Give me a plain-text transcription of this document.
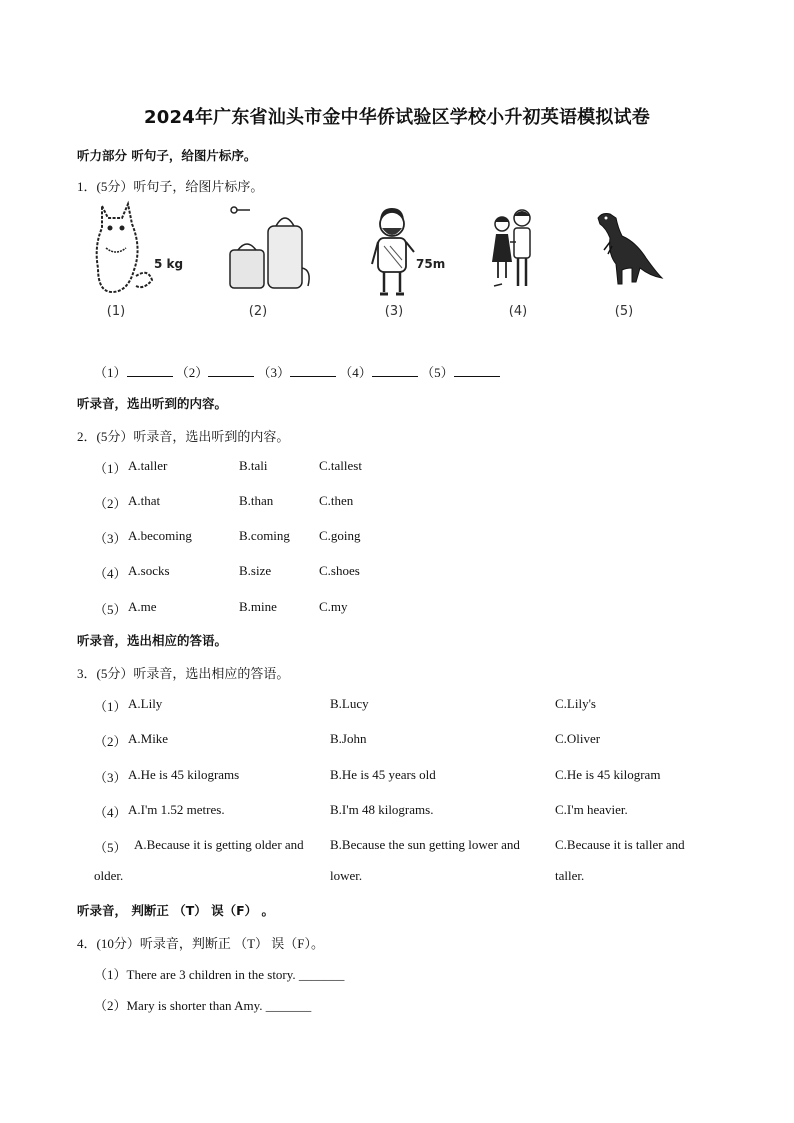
2024年广东省汕头市金中华侨试验区学校小升初英语模拟试卷
听力部分 听句子，给图片标序。
1．(5分）听句子，给图片标序。
5 kg
(1)	(2)
75m
(3)	(4)	(5)
（1）	（2）	（3）	（4）	（5）
听录音，选出听到的内容。
2．(5分）听录音，选出听到的内容。
（1） A.taller	B.tali	C.tallest
（2） A.that	B.than	C.then
（3） A.becoming	B.coming C.going
（4） A.socks	B.size	C.shoes
（5） A.me	B.mine	C.my
听录音，选出相应的答语。
3．(5分）听录音，选出相应的答语。
（1） A.Lily	B.Lucy	C.Lily's
（2） A.Mike	B.John	C.Oliver
（3） A.He is 45 kilograms	B.He is 45 years old	C.He is 45 kilogram
（4） A.I'm 1.52 metres.	B.I'm 48 kilograms.	C.I'm heavier.
（5） A.Because it is getting older and B.Because the sun getting lower and	C.Because it is taller and
older.	lower.	taller.
听录音， 判断正 （T） 误（F） 。
4．(10分）听录音，判断正 （T） 误（F）。
（1）There are 3 children in the story. _______
（2）Mary is shorter than Amy. _______
